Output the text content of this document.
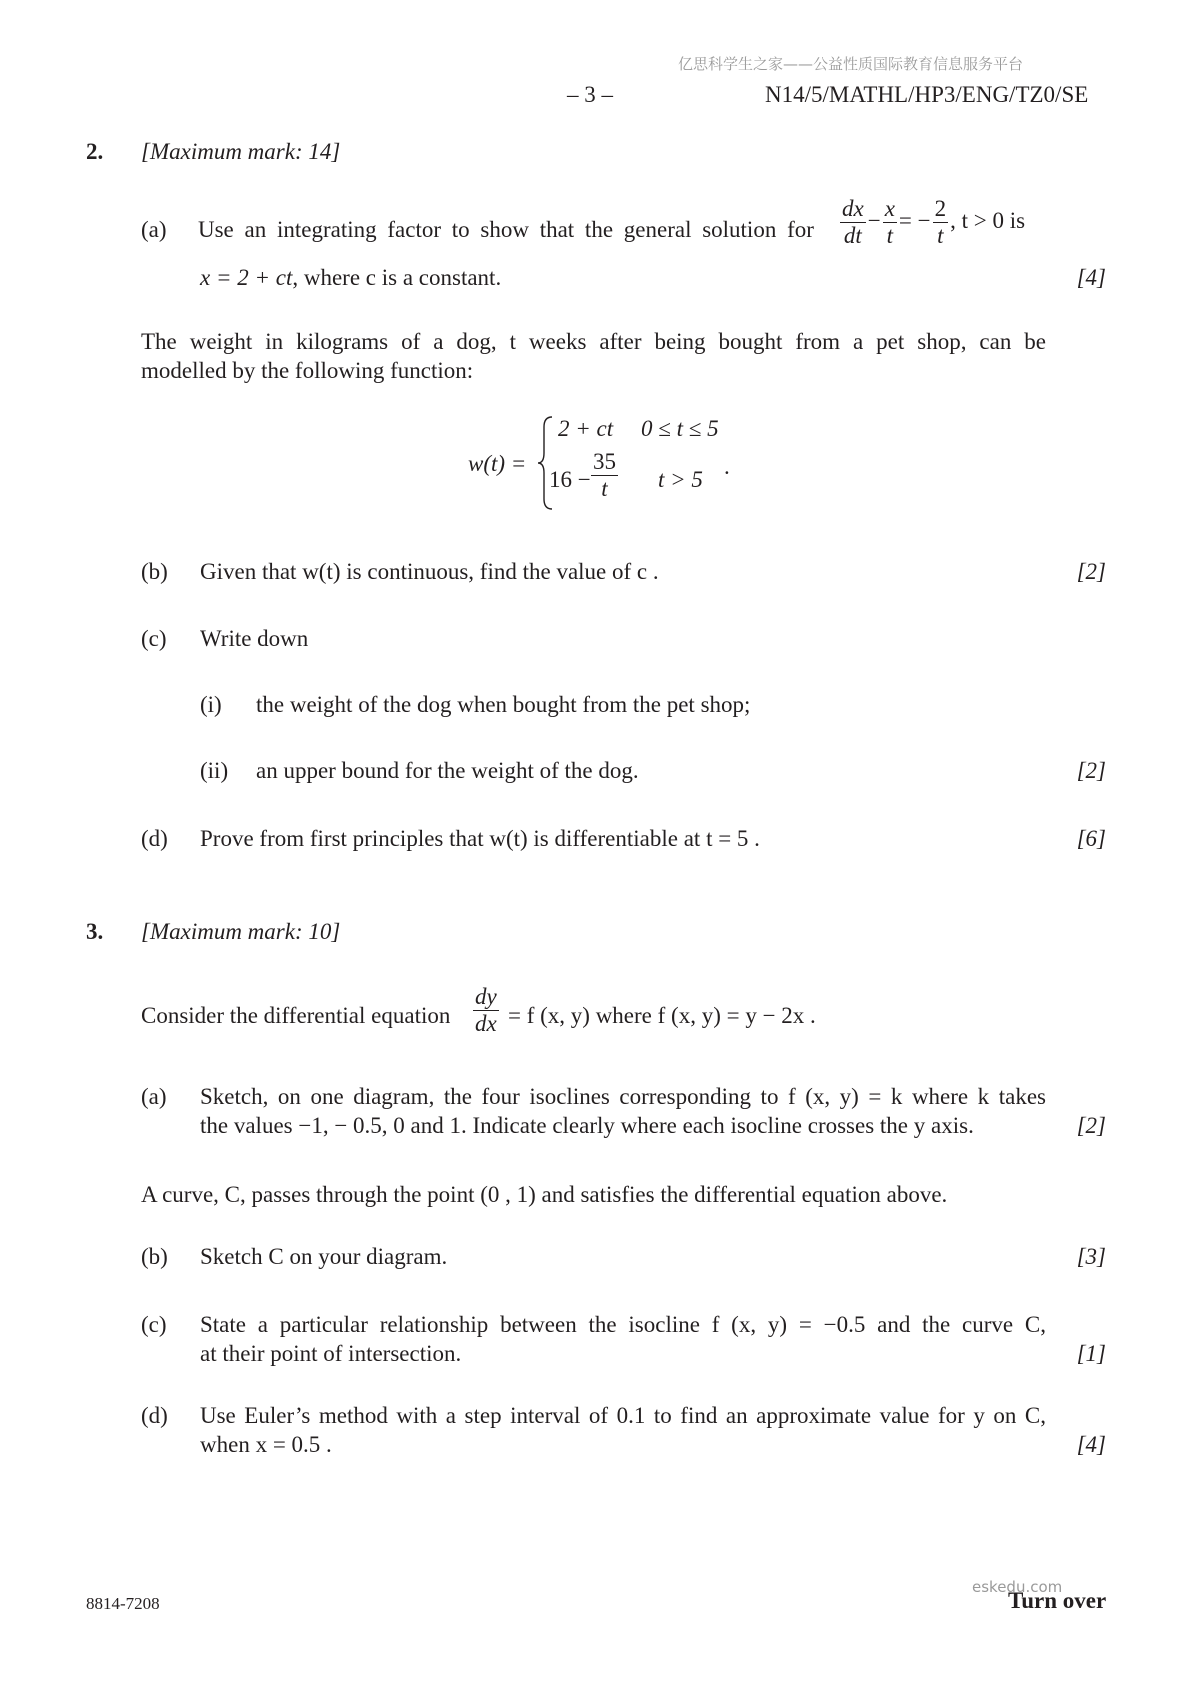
亿思科学生之家——公益性质国际教育信息服务平台
– 3 –	N14/5/MATHL/HP3/ENG/TZ0/SE
2. [Maximum mark: 14]
(a) Use an integrating factor to show that the general solution for $\frac{dx}{dt} - \frac{x}{t}$ = − $\frac{2}{t}$ , t > 0 is
x = 2 + ct, where c is a constant.	[4]
The weight in kilograms of a dog, t weeks after being bought from a pet shop, can be
modelled by the following function:
w(t) =
2 + ct 0 ≤ t ≤ 5
$16 - \frac{35}{t}$ t > 5
.
(b) Given that w(t) is continuous, find the value of c .	[2]
(c) Write down
(i) the weight of the dog when bought from the pet shop;
(ii) an upper bound for the weight of the dog.	[2]
(d) Prove from first principles that w(t) is differentiable at t = 5 .	[6]
3. [Maximum mark: 10]
Consider the differential equation $\frac{dy}{dx} = f$ (x, y) where f (x, y) = y − 2x .
(a) Sketch, on one diagram, the four isoclines corresponding to f (x, y) = k where k takes
the values −1, − 0.5, 0 and 1. Indicate clearly where each isocline crosses the y axis.	[2]
A curve, C, passes through the point (0 , 1) and satisfies the differential equation above.
(b) Sketch C on your diagram.	[3]
(c) State a particular relationship between the isocline f (x, y) = −0.5 and the curve C,
at their point of intersection.	[1]
(d) Use Euler’s method with a step interval of 0.1 to find an approximate value for y on C,
when x = 0.5 .	[4]
8814-7208
eskedu.com
Turn over
